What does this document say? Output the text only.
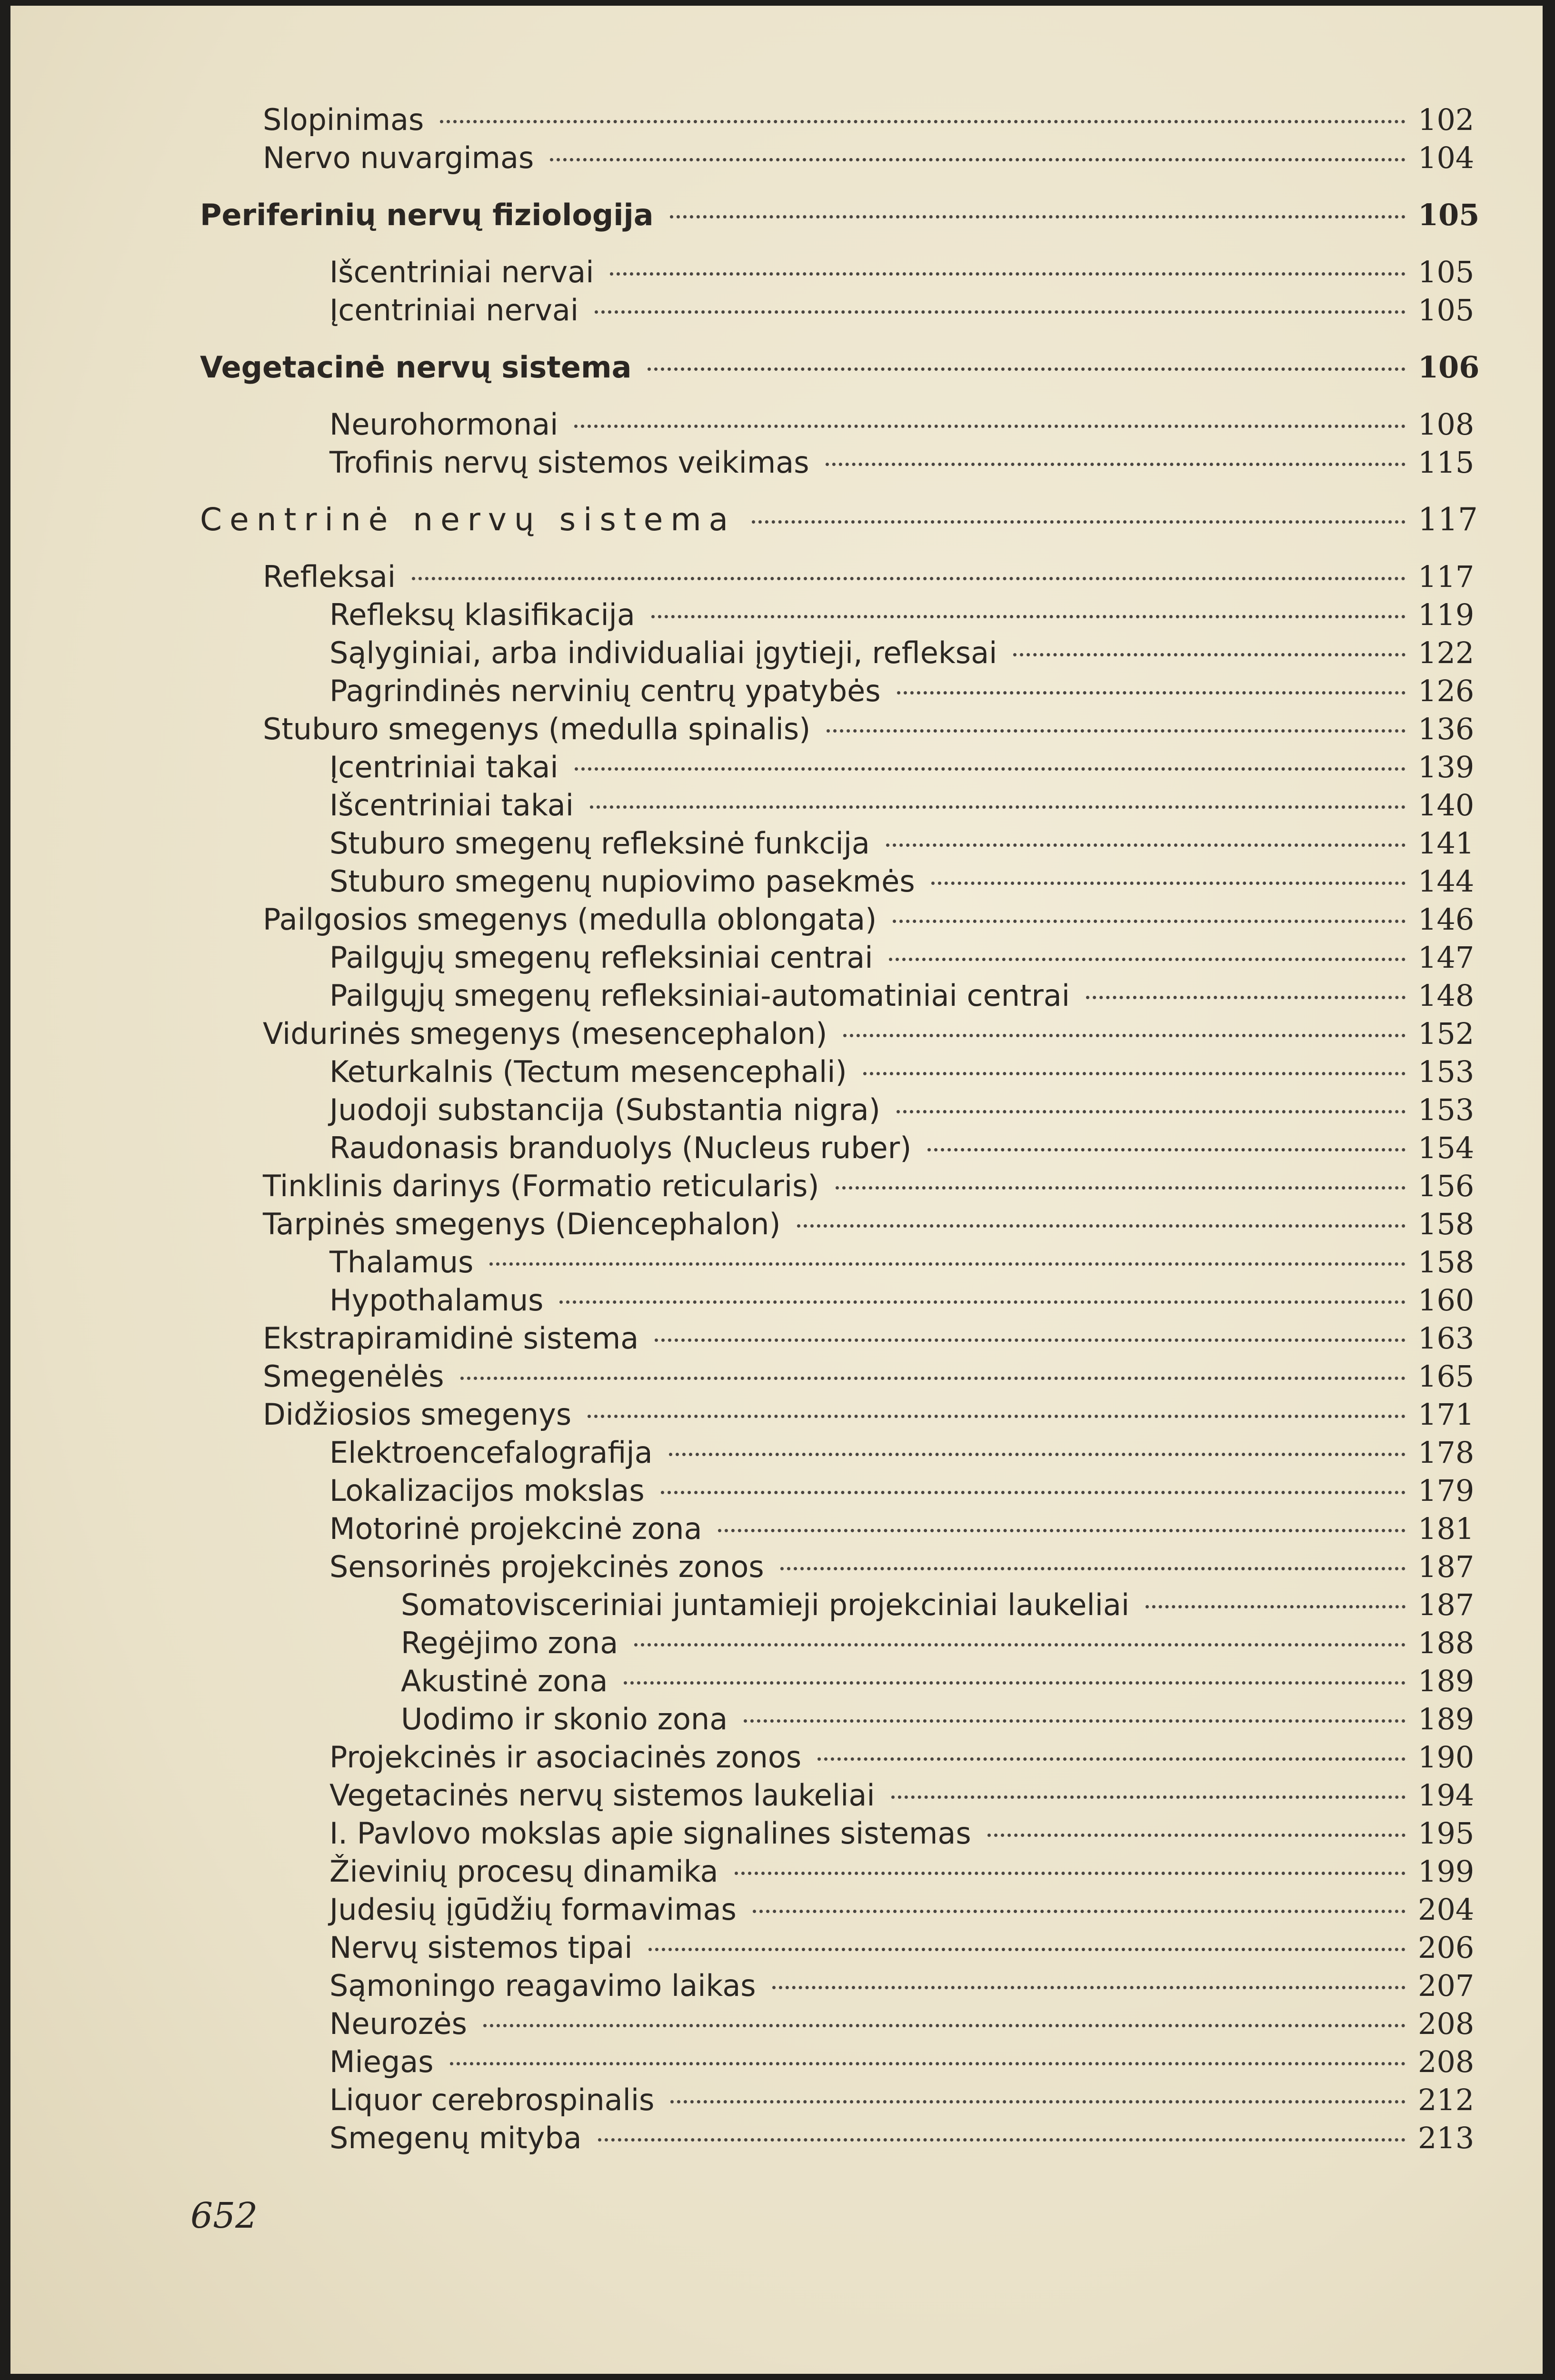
Slopinimas	102
Nervo nuvargimas	104
Periferinių nervų fiziologija	105
Išcentriniai nervai	105
Įcentriniai nervai	105
Vegetacinė nervų sistema	106
Neurohormonai	108
Trofinis nervų sistemos veikimas	115
Centrinė nervų sistema	117
Refleksai	117
Refleksų klasifikacija	119
Sąlyginiai, arba individualiai įgytieji, refleksai	122
Pagrindinės nervinių centrų ypatybės	126
Stuburo smegenys (medulla spinalis)	136
Įcentriniai takai	139
Išcentriniai takai	140
Stuburo smegenų refleksinė funkcija	141
Stuburo smegenų nupiovimo pasekmės	144
Pailgosios smegenys (medulla oblongata)	146
Pailgųjų smegenų refleksiniai centrai	147
Pailgųjų smegenų refleksiniai-automatiniai centrai	148
Vidurinės smegenys (mesencephalon)	152
Keturkalnis (Tectum mesencephali)	153
Juodoji substancija (Substantia nigra)	153
Raudonasis branduolys (Nucleus ruber)	154
Tinklinis darinys (Formatio reticularis)	156
Tarpinės smegenys (Diencephalon)	158
Thalamus	158
Hypothalamus	160
Ekstrapiramidinė sistema	163
Smegenėlės	165
Didžiosios smegenys	171
Elektroencefalografija	178
Lokalizacijos mokslas	179
Motorinė projekcinė zona	181
Sensorinės projekcinės zonos	187
Somatovisceriniai juntamieji projekciniai laukeliai	187
Regėjimo zona	188
Akustinė zona	189
Uodimo ir skonio zona	189
Projekcinės ir asociacinės zonos	190
Vegetacinės nervų sistemos laukeliai	194
I. Pavlovo mokslas apie signalines sistemas	195
Žievinių procesų dinamika	199
Judesių įgūdžių formavimas	204
Nervų sistemos tipai	206
Sąmoningo reagavimo laikas	207
Neurozės	208
Miegas	208
Liquor cerebrospinalis	212
Smegenų mityba	213
652
